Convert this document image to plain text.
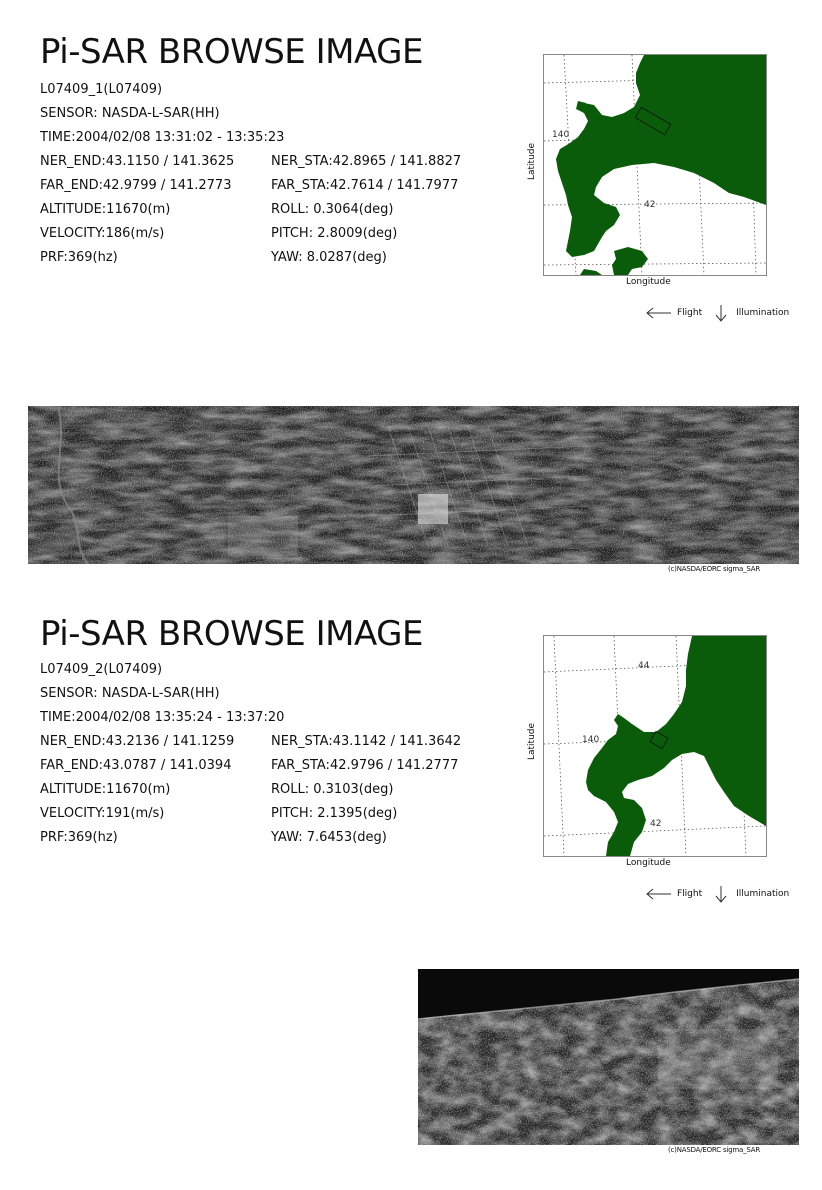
Pi-SAR BROWSE IMAGE
L07409_1(L07409)
SENSOR: NASDA-L-SAR(HH)
TIME:2004/02/08 13:31:02 - 13:35:23
NER_END:43.1150 / 141.3625	NER_STA:42.8965 / 141.8827
FAR_END:42.9799 / 141.2773	FAR_STA:42.7614 / 141.7977
ALTITUDE:11670(m)	ROLL: 0.3064(deg)
VELOCITY:186(m/s)	PITCH: 2.8009(deg)
PRF:369(hz)	YAW: 8.0287(deg)
140
42
Longitude
Latitude
Flight	Illumination
(c)NASDA/EORC sigma_SAR
Pi-SAR BROWSE IMAGE
L07409_2(L07409)
SENSOR: NASDA-L-SAR(HH)
TIME:2004/02/08 13:35:24 - 13:37:20
NER_END:43.2136 / 141.1259	NER_STA:43.1142 / 141.3642
FAR_END:43.0787 / 141.0394	FAR_STA:42.9796 / 141.2777
ALTITUDE:11670(m)	ROLL: 0.3103(deg)
VELOCITY:191(m/s)	PITCH: 2.1395(deg)
PRF:369(hz)	YAW: 7.6453(deg)
44
140
42
Longitude
Latitude
Flight	Illumination
(c)NASDA/EORC sigma_SAR
